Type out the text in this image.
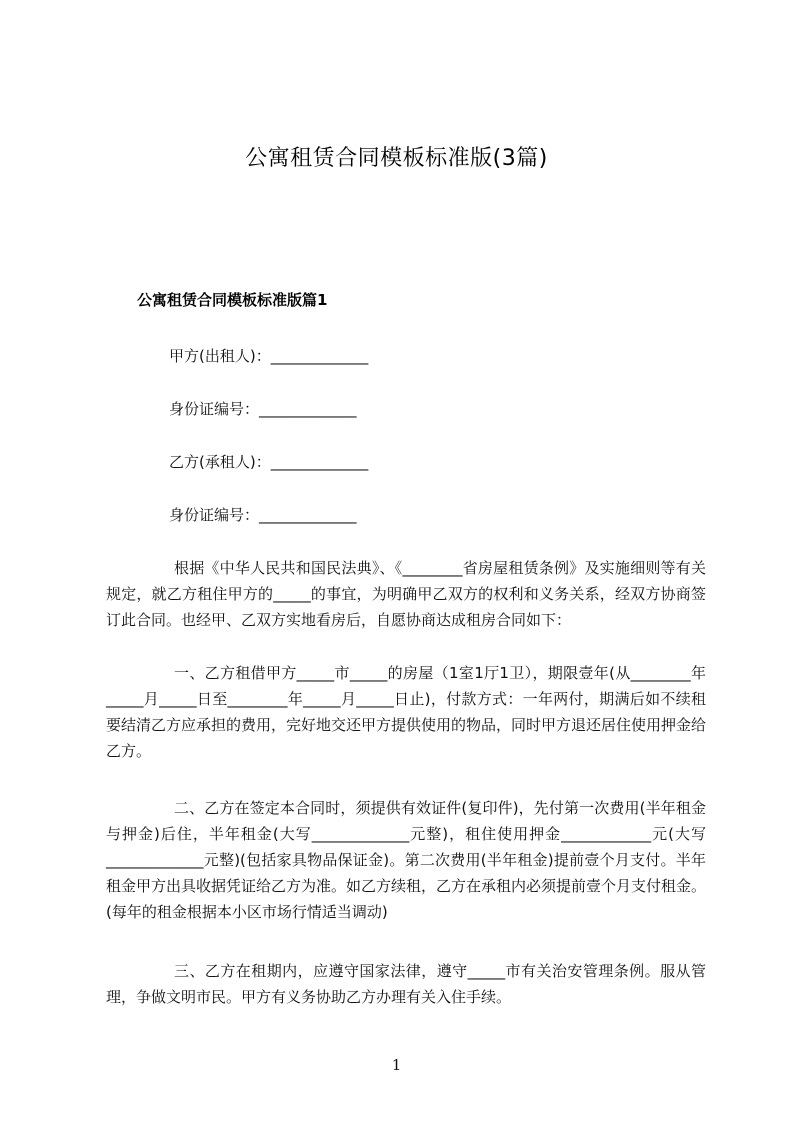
公寓租赁合同模板标准版(3篇)
公寓租赁合同模板标准版篇1
甲方(出租人)：_____________
身份证编号：_____________
乙方(承租人)：_____________
身份证编号：_____________

根据《中华人民共和国民法典》、《________省房屋租赁条例》及实施细则等有关规定，就乙方租住甲方的_____的事宜，为明确甲乙双方的权利和义务关系，经双方协商签订此合同。也经甲、乙双方实地看房后，自愿协商达成租房合同如下：

一、乙方租借甲方_____市_____的房屋（1室1厅1卫），期限壹年(从________年_____月_____日至________年_____月_____日止)，付款方式：一年两付，期满后如不续租要结清乙方应承担的费用，完好地交还甲方提供使用的物品，同时甲方退还居住使用押金给乙方。

二、乙方在签定本合同时，须提供有效证件(复印件)，先付第一次费用(半年租金与押金)后住，半年租金(大写_____________元整)，租住使用押金____________元(大写_____________元整)(包括家具物品保证金)。第二次费用(半年租金)提前壹个月支付。半年租金甲方出具收据凭证给乙方为准。如乙方续租，乙方在承租内必须提前壹个月支付租金。(每年的租金根据本小区市场行情适当调动)

三、乙方在租期内，应遵守国家法律，遵守_____市有关治安管理条例。服从管理，争做文明市民。甲方有义务协助乙方办理有关入住手续。

1
